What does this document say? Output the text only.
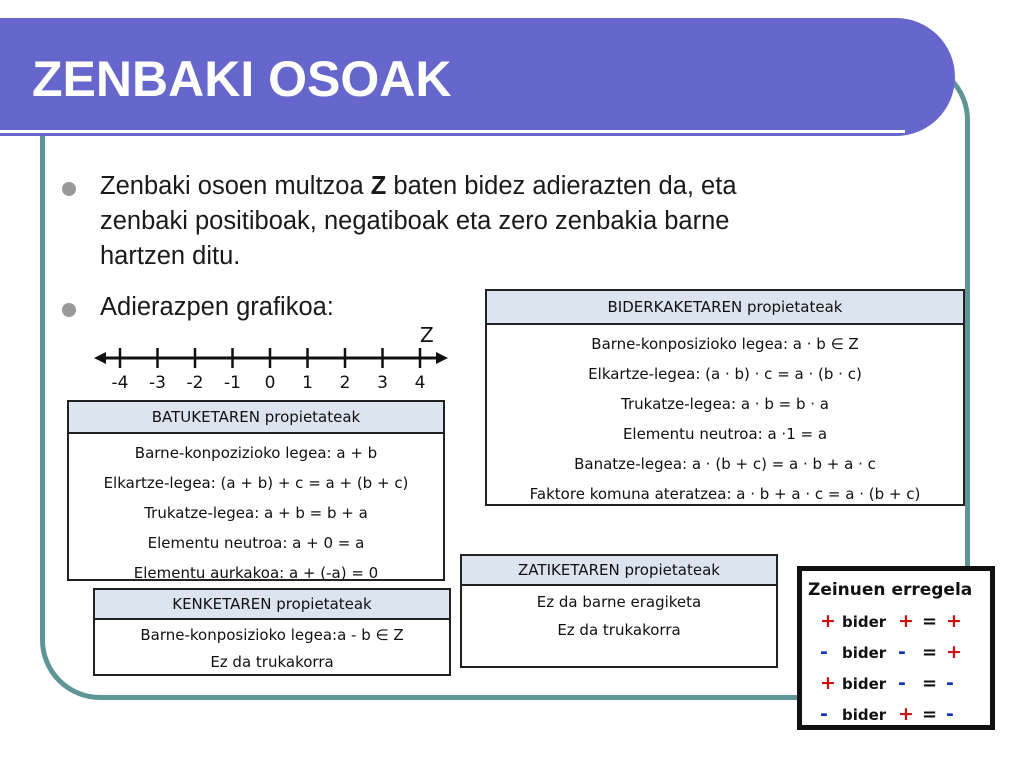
ZENBAKI OSOAK
Zenbaki osoen multzoa Z baten bidez adierazten da, eta
zenbaki positiboak, negatiboak eta zero zenbakia barne
hartzen ditu.
Adierazpen grafikoa:
Z
-4 -3 -2 -1 0 1 2 3 4
BATUKETAREN propietateak
Barne-konpozizioko legea: a + b
Elkartze-legea: (a + b) + c = a + (b + c)
Trukatze-legea: a + b = b + a
Elementu neutroa: a + 0 = a
Elementu aurkakoa: a + (-a) = 0
KENKETAREN propietateak
Barne-konposizioko legea:a - b ∈ Z
Ez da trukakorra
BIDERKAKETAREN propietateak
Barne-konposizioko legea: a · b ∈ Z
Elkartze-legea: (a · b) · c = a · (b · c)
Trukatze-legea: a · b = b · a
Elementu neutroa: a ·1 = a
Banatze-legea: a · (b + c) = a · b + a · c
Faktore komuna ateratzea: a · b + a · c = a · (b + c)
ZATIKETAREN propietateak
Ez da barne eragiketa
Ez da trukakorra
Zeinuen erregela
+ bider + = +
- bider - = +
+ bider - = -
- bider + = -
